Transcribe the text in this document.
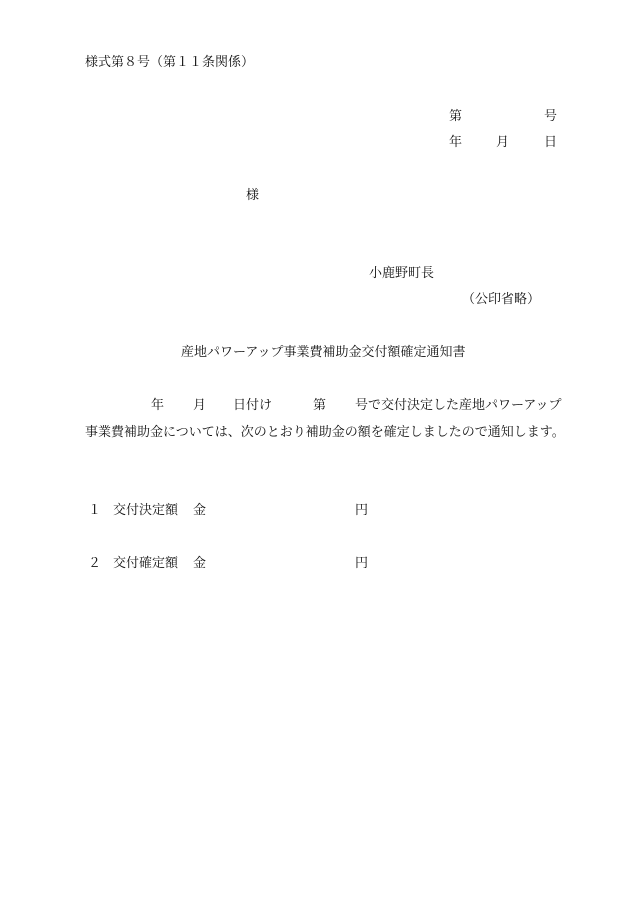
様式第８号（第１１条関係）
第	号
年	月	日
様
小鹿野町長
（公印省略）
産地パワーアップ事業費補助金交付額確定通知書
年 月 日付け	第 号で交付決定した産地パワーアップ
事業費補助金については、次のとおり補助金の額を確定しましたので通知します。
１ 交付決定額 金	円
２ 交付確定額 金	円
